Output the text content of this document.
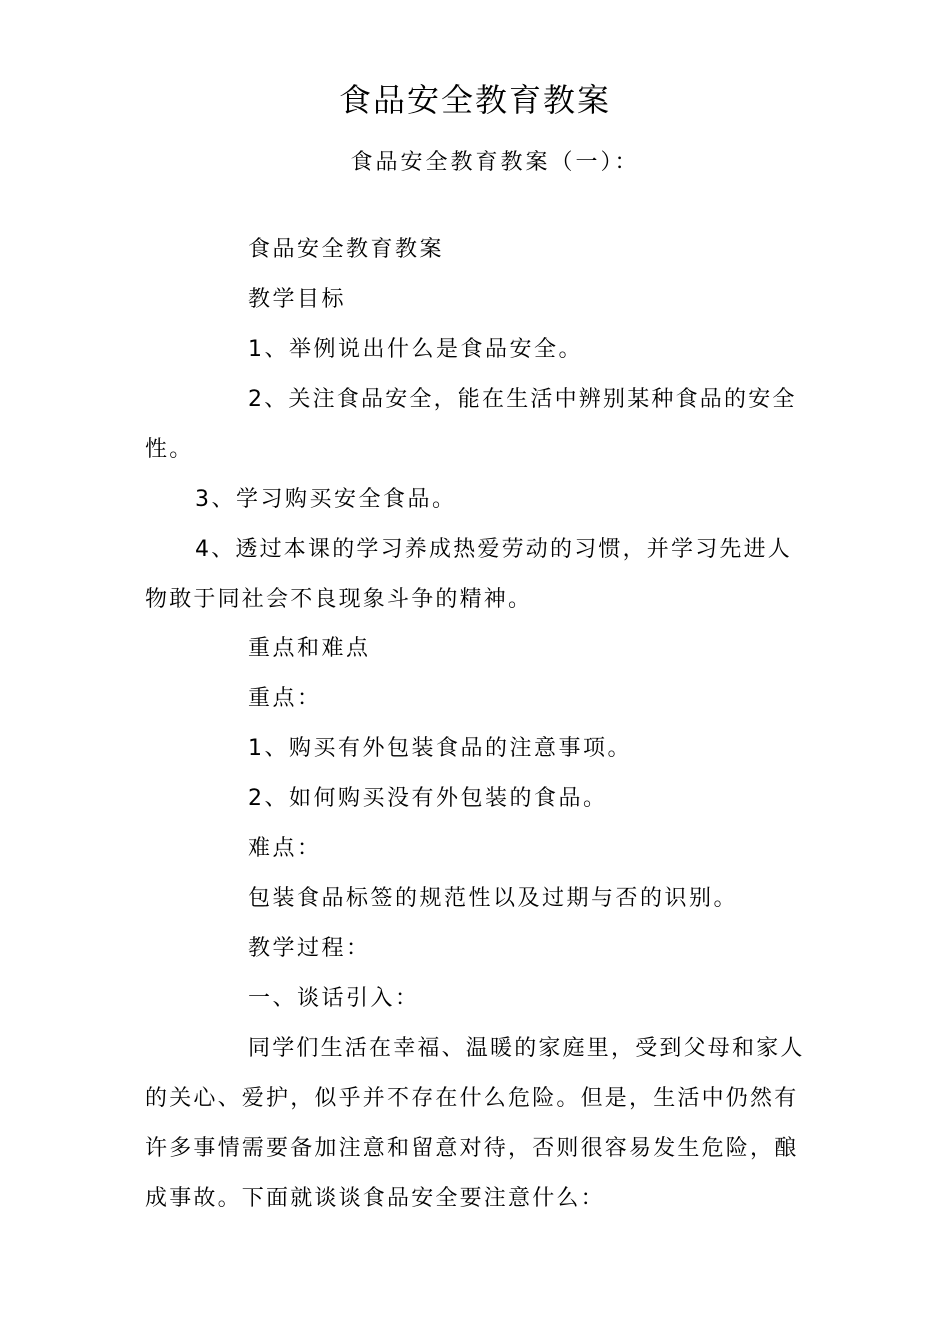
食品安全教育教案
食品安全教育教案（一）：
食品安全教育教案
教学目标
1、举例说出什么是食品安全。
2、关注食品安全，能在生活中辨别某种食品的安全性。
3、学习购买安全食品。
4、透过本课的学习养成热爱劳动的习惯，并学习先进人物敢于同社会不良现象斗争的精神。
重点和难点
重点：
1、购买有外包装食品的注意事项。
2、如何购买没有外包装的食品。
难点：
包装食品标签的规范性以及过期与否的识别。
教学过程：
一、谈话引入：
同学们生活在幸福、温暖的家庭里，受到父母和家人的关心、爱护，似乎并不存在什么危险。但是，生活中仍然有许多事情需要备加注意和留意对待，否则很容易发生危险，酿成事故。下面就谈谈食品安全要注意什么：
